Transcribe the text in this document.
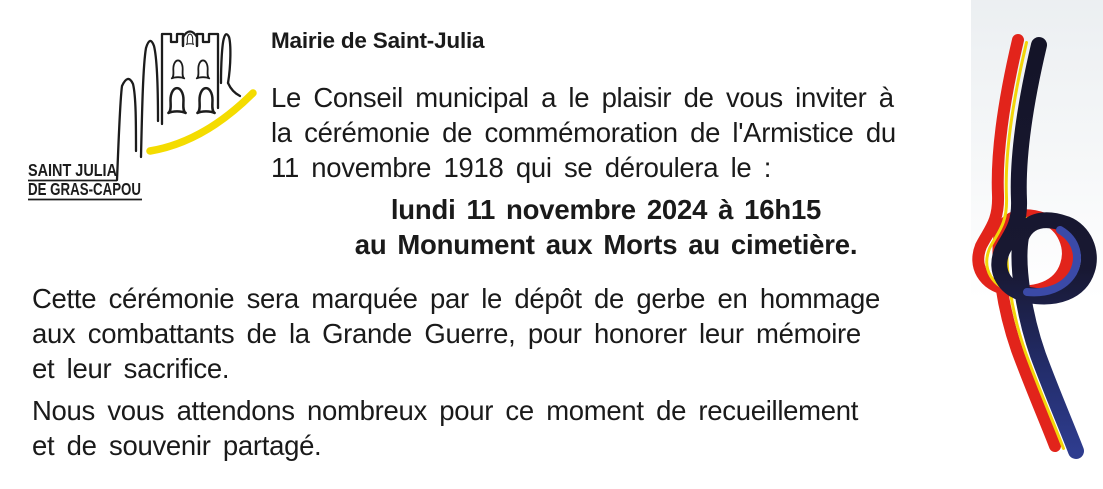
SAINT JULIA
DE GRAS-CAPOU
Mairie de Saint-Julia
Le Conseil municipal a le plaisir de vous inviter à
la cérémonie de commémoration de l'Armistice du
11 novembre 1918 qui se déroulera le :
lundi 11 novembre 2024 à 16h15
au Monument aux Morts au cimetière.
Cette cérémonie sera marquée par le dépôt de gerbe en hommage
aux combattants de la Grande Guerre, pour honorer leur mémoire
et leur sacrifice.
Nous vous attendons nombreux pour ce moment de recueillement
et de souvenir partagé.
